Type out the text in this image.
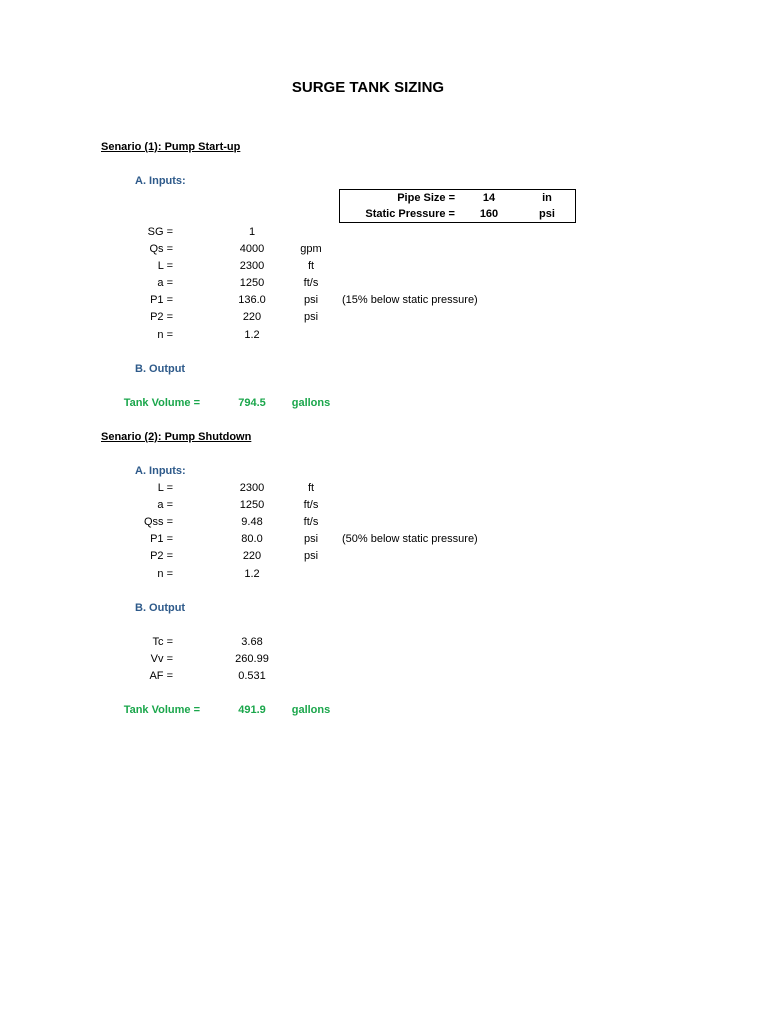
SURGE TANK SIZING
Senario (1): Pump Start-up
A. Inputs:
Pipe Size =	14	in
Static Pressure =	160	psi
SG =	1
Qs =	4000	gpm
L =	2300	ft
a =	1250	ft/s
P1 =	136.0	psi	(15% below static pressure)
P2 =	220	psi
n =	1.2
B. Output
Tank Volume =	794.5	gallons
Senario (2): Pump Shutdown
A. Inputs:
L =	2300	ft
a =	1250	ft/s
Qss =	9.48	ft/s
P1 =	80.0	psi	(50% below static pressure)
P2 =	220	psi
n =	1.2
B. Output
Tc =	3.68
Vv =	260.99
AF =	0.531
Tank Volume =	491.9	gallons
